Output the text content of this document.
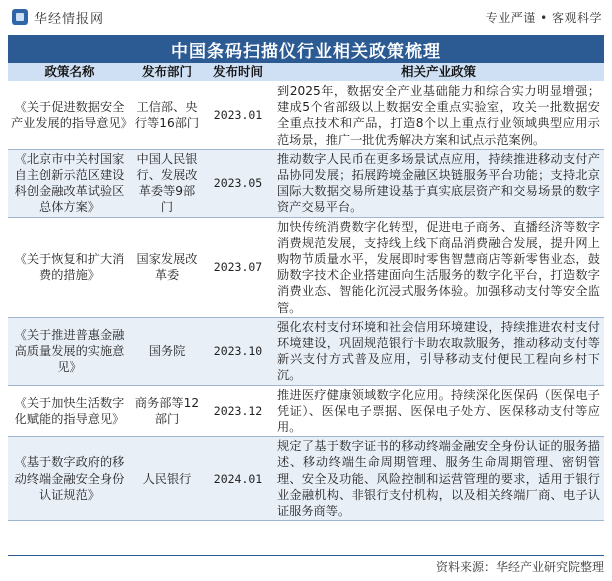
华经情报网	专业严谨 • 客观科学
中国条码扫描仪行业相关政策梳理
政策名称	发布部门	发布时间	相关产业政策
《关于促进数据安全产业发展的指导意见》	工信部、央行等16部门	2023.01	到2025年，数据安全产业基础能力和综合实力明显增强；建成5个省部级以上数据安全重点实验室，攻关一批数据安全重点技术和产品，打造8个以上重点行业领域典型应用示范场景，推广一批优秀解决方案和试点示范案例。
《北京市中关村国家自主创新示范区建设科创金融改革试验区总体方案》	中国人民银行、发展改革委等9部门	2023.05	推动数字人民币在更多场景试点应用，持续推进移动支付产品协同发展；拓展跨境金融区块链服务平台功能；支持北京国际大数据交易所建设基于真实底层资产和交易场景的数字资产交易平台。
《关于恢复和扩大消费的措施》	国家发展改革委	2023.07	加快传统消费数字化转型，促进电子商务、直播经济等数字消费规范发展，支持线上线下商品消费融合发展，提升网上购物节质量水平，发展即时零售智慧商店等新零售业态，鼓励数字技术企业搭建面向生活服务的数字化平台，打造数字消费业态、智能化沉浸式服务体验。加强移动支付等安全监管。
《关于推进普惠金融高质量发展的实施意见》	国务院	2023.10	强化农村支付环境和社会信用环境建设，持续推进农村支付环境建设，巩固规范银行卡助农取款服务，推动移动支付等新兴支付方式普及应用，引导移动支付便民工程向乡村下沉。
《关于加快生活数字化赋能的指导意见》	商务部等12部门	2023.12	推进医疗健康领域数字化应用。持续深化医保码（医保电子凭证）、医保电子票据、医保电子处方、医保移动支付等应用。
《基于数字政府的移动终端金融安全身份认证规范》	人民银行	2024.01	规定了基于数字证书的移动终端金融安全身份认证的服务描述、移动终端生命周期管理、服务生命周期管理、密钥管理、安全及功能、风险控制和运营管理的要求，适用于银行业金融机构、非银行支付机构，以及相关终端厂商、电子认证服务商等。
资料来源：华经产业研究院整理
